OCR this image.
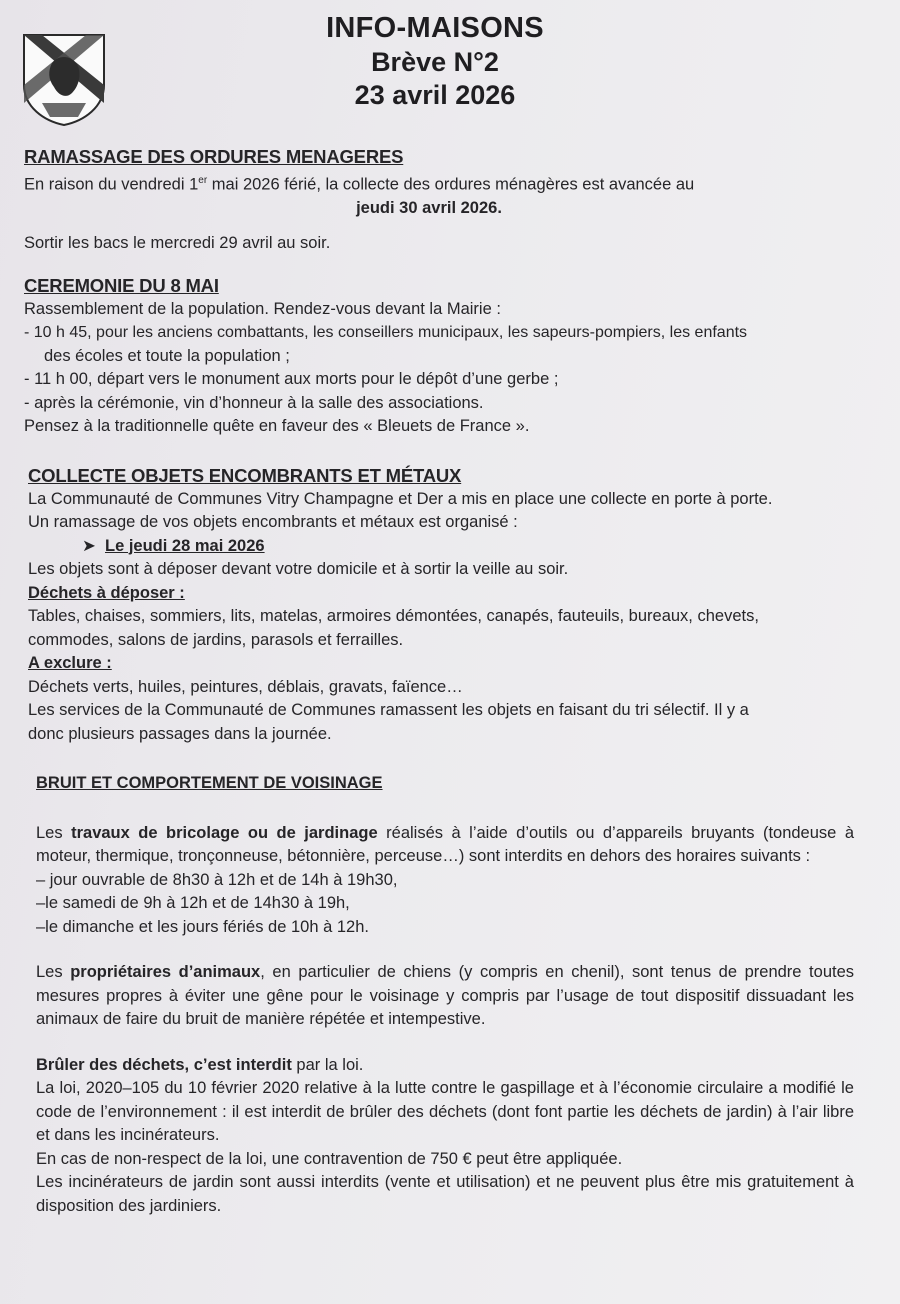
INFO-MAISONS
Brève N°2
23 avril 2026

RAMASSAGE DES ORDURES MENAGERES

En raison du vendredi 1er mai 2026 férié, la collecte des ordures ménagères est avancée au

jeudi 30 avril 2026.

Sortir les bacs le mercredi 29 avril au soir.

CEREMONIE DU 8 MAI

Rassemblement de la population. Rendez-vous devant la Mairie :

- 10 h 45, pour les anciens combattants, les conseillers municipaux, les sapeurs-pompiers, les enfants

des écoles et toute la population ;

- 11 h 00, départ vers le monument aux morts pour le dépôt d’une gerbe ;

- après la cérémonie, vin d’honneur à la salle des associations.

Pensez à la traditionnelle quête en faveur des « Bleuets de France ».

COLLECTE OBJETS ENCOMBRANTS ET MÉTAUX

La Communauté de Communes Vitry Champagne et Der a mis en place une collecte en porte à porte.

Un ramassage de vos objets encombrants et métaux est organisé :

➤  Le jeudi 28 mai 2026

Les objets sont à déposer devant votre domicile et à sortir la veille au soir.

Déchets à déposer :

Tables, chaises, sommiers, lits, matelas, armoires démontées, canapés, fauteuils, bureaux, chevets,

commodes, salons de jardins, parasols et ferrailles.

A exclure :

Déchets verts, huiles, peintures, déblais, gravats, faïence…

Les services de la Communauté de Communes ramassent les objets en faisant du tri sélectif. Il y a

donc plusieurs passages dans la journée.

BRUIT ET COMPORTEMENT DE VOISINAGE

Les travaux de bricolage ou de jardinage réalisés à l’aide d’outils ou d’appareils bruyants (tondeuse à moteur, thermique, tronçonneuse, bétonnière, perceuse…) sont interdits en dehors des horaires suivants :

– jour ouvrable de 8h30 à 12h et de 14h à 19h30,

–le samedi de 9h à 12h et de 14h30 à 19h,

–le dimanche et les jours fériés de 10h à 12h.

Les propriétaires d’animaux, en particulier de chiens (y compris en chenil), sont tenus de prendre toutes mesures propres à éviter une gêne pour le voisinage y compris par l’usage de tout dispositif dissuadant les animaux de faire du bruit de manière répétée et intempestive.

Brûler des déchets, c’est interdit par la loi.

La loi, 2020–105 du 10 février 2020 relative à la lutte contre le gaspillage et à l’économie circulaire a modifié le code de l’environnement : il est interdit de brûler des déchets (dont font partie les déchets de jardin) à l’air libre et dans les incinérateurs.

En cas de non-respect de la loi, une contravention de 750 € peut être appliquée.

Les incinérateurs de jardin sont aussi interdits (vente et utilisation) et ne peuvent plus être mis gratuitement à disposition des jardiniers.
